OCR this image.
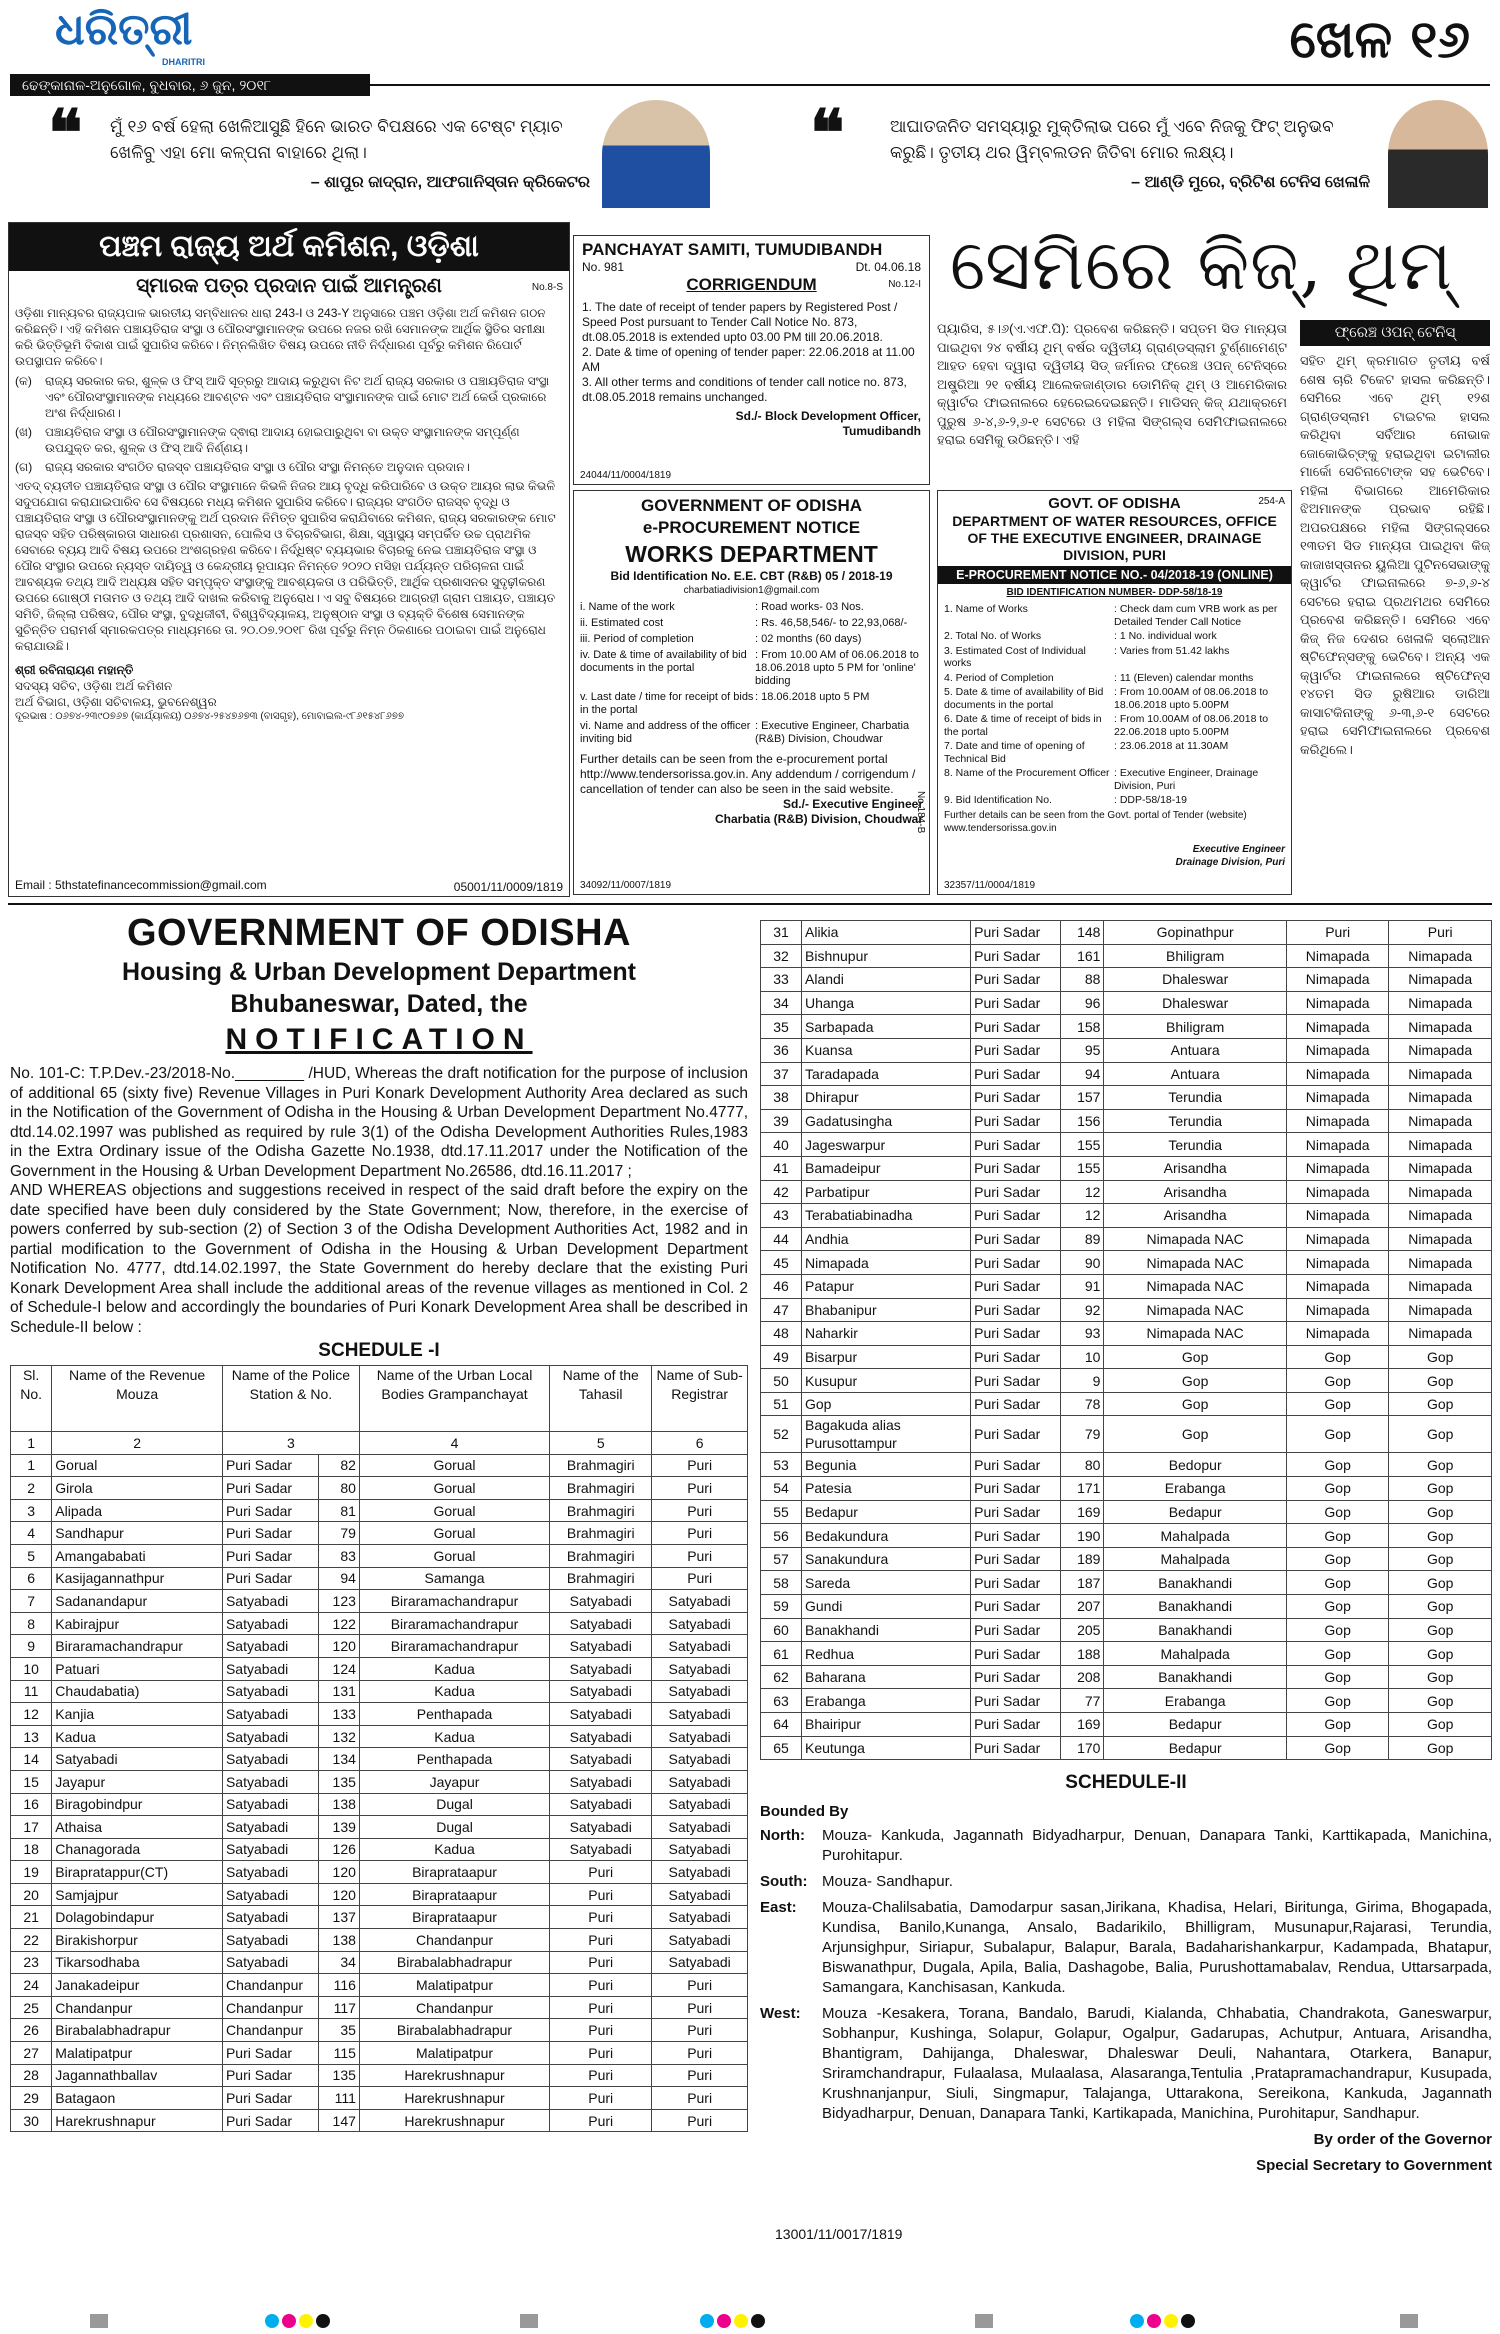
ଧରିତ୍ରୀ
DHARITRI
ଢେଙ୍କାନାଳ-ଅନୁଗୋଳ, ବୁଧବାର, ୬ ଜୁନ, ୨୦୧୮
ଖେଳ ୧୬
❝ ମୁଁ ୧୬ ବର୍ଷ ହେଲା ଖେଳିଆସୁଛି ହିନେ ଭାରତ ବିପକ୍ଷରେ ଏକ ଟେଷ୍ଟ ମ୍ୟାଚ ଖେଳିବୁ ଏହା ମୋ କଳ୍ପନା ବାହାରେ ଥିଲା।
– ଶାପୁର ଜାଦ୍ରାନ, ଆଫଗାନିସ୍ତାନ କ୍ରିକେଟର
❝	ଆଘାତଜନିତ ସମସ୍ୟାରୁ ମୁକ୍ତିଲାଭ ପରେ ମୁଁ ଏବେ ନିଜକୁ ଫିଟ୍ ଅନୁଭବ କରୁଛି। ତୃତୀୟ ଥର ୱିମ୍ବଲଡନ ଜିତିବା ମୋର ଲକ୍ଷ୍ୟ।
– ଆଣ୍ଡି ମୁରେ, ବ୍ରିଟିଶ ଟେନିସ ଖେଳାଳି
ପଞ୍ଚମ ରାଜ୍ୟ ଅର୍ଥ କମିଶନ, ଓଡ଼ିଶା
ସ୍ମାରକ ପତ୍ର ପ୍ରଦାନ ପାଇଁ ଆମନ୍ତ୍ରଣ	No.8-S
ଓଡ଼ିଶା ମାନ୍ୟବର ରାଜ୍ୟପାଳ ଭାରତୀୟ ସମ୍ବିଧାନର ଧାରା 243-I ଓ 243-Y ଅନୁସାରେ ପଞ୍ଚମ ଓଡ଼ିଶା ଅର୍ଥ କମିଶନ ଗଠନ କରିଛନ୍ତି। ଏହି କମିଶନ ପଞ୍ଚାୟତିରାଜ ସଂସ୍ଥା ଓ ପୌରସଂସ୍ଥାମାନଙ୍କ ଉପରେ ନଜର ରଖି ସେମାନଙ୍କ ଆର୍ଥିକ ସ୍ଥିତିର ସମୀକ୍ଷା କରି ଭିତ୍ତିଭୂମି ବିକାଶ ପାଇଁ ସୁପାରିସ କରିବେ। ନିମ୍ନଲିଖିତ ବିଷୟ ଉପରେ ନୀତି ନିର୍ଦ୍ଧାରଣ ପୂର୍ବରୁ କମିଶନ ରିପୋର୍ଟ ଉପସ୍ଥାପନ କରିବେ।
(କ)	ରାଜ୍ୟ ସରକାର କର, ଶୁଳ୍କ ଓ ଫିସ୍ ଆଦି ସୂତ୍ରରୁ ଆଦାୟ କରୁଥିବା ନିଟ ଅର୍ଥ ରାଜ୍ୟ ସରକାର ଓ ପଞ୍ଚାୟତିରାଜ ସଂସ୍ଥା ଏବଂ ପୌରସଂସ୍ଥାମାନଙ୍କ ମଧ୍ୟରେ ଆବଣ୍ଟନ ଏବଂ ପଞ୍ଚାୟତିରାଜ ସଂସ୍ଥାମାନଙ୍କ ପାଇଁ ମୋଟ ଅର୍ଥ କେଉଁ ପ୍ରକାରେ ଅଂଶ ନିର୍ଦ୍ଧାରଣ।
(ଖ)	ପଞ୍ଚାୟତିରାଜ ସଂସ୍ଥା ଓ ପୌରସଂସ୍ଥାମାନଙ୍କ ଦ୍ଵାରା ଆଦାୟ ହୋଇପାରୁଥିବା ବା ଉକ୍ତ ସଂସ୍ଥାମାନଙ୍କ ସମ୍ପୂର୍ଣ୍ଣ ଉପଯୁକ୍ତ କର, ଶୁଳ୍କ ଓ ଫିସ୍ ଆଦି ନିର୍ଣ୍ଣୟ।
(ଗ)	ରାଜ୍ୟ ସରକାର ସଂଗଠିତ ରାଜସ୍ବ ପଞ୍ଚାୟତିରାଜ ସଂସ୍ଥା ଓ ପୌର ସଂସ୍ଥା ନିମନ୍ତେ ଅନୁଦାନ ପ୍ରଦାନ।
ଏତଦ୍ ବ୍ୟତୀତ ପଞ୍ଚାୟତିରାଜ ସଂସ୍ଥା ଓ ପୌର ସଂସ୍ଥାମାନେ କିଭଳି ନିଜର ଆୟ ବୃଦ୍ଧି କରିପାରିବେ ଓ ଉକ୍ତ ଆୟର ଲାଭ କିଭଳି ସଦୁପଯୋଗ କରାଯାଇପାରିବ ସେ ବିଷୟରେ ମଧ୍ୟ କମିଶନ ସୁପାରିସ କରିବେ। ରାଜ୍ୟର ସଂଗଠିତ ରାଜସ୍ବ ବୃଦ୍ଧି ଓ ପଞ୍ଚାୟତିରାଜ ସଂସ୍ଥା ଓ ପୌରସଂସ୍ଥାମାନଙ୍କୁ ଅର୍ଥ ପ୍ରଦାନ ନିମିତ୍ତ ସୁପାରିସ କରାଯିବାରେ କମିଶନ, ରାଜ୍ୟ ସରକାରଙ୍କ ମୋଟ ରାଜସ୍ବ ସହିତ ପରିଷ୍କାରତା ସାଧାରଣ ପ୍ରଶାସନ, ପୋଲିସ ଓ ବିଚାରବିଭାଗ, ଶିକ୍ଷା, ସ୍ୱାସ୍ଥ୍ୟ ସମ୍ପର୍କିତ ଉଚ୍ଚ ପ୍ରାଥମିକ ସେବାରେ ବ୍ୟୟ ଆଦି ବିଷୟ ଉପରେ ଅଂଶଗ୍ରହଣ କରିବେ। ନିର୍ଦ୍ଧିଷ୍ଟ ବ୍ୟୟଭାର ବିଚାରକୁ ନେଇ ପଞ୍ଚାୟତିରାଜ ସଂସ୍ଥା ଓ ପୌର ସଂସ୍ଥାର ଉପରେ ନ୍ୟସ୍ତ ଦାୟିତ୍ୱ ଓ କେନ୍ଦ୍ରୀୟ ରୂପାୟନ ନିମନ୍ତେ ୨୦୨୦ ମସିହା ପର୍ଯ୍ୟନ୍ତ ପରିଚାଳନା ପାଇଁ ଆବଶ୍ୟକ ତଥ୍ୟ ଆଦି ଅଧ୍ୟକ୍ଷ ସହିତ ସମ୍ପୃକ୍ତ ସଂସ୍ଥାଙ୍କୁ ଆବଶ୍ୟକତା ଓ ପରିଭିତ୍ତି, ଆର୍ଥିକ ପ୍ରଶାସନର ସୁଦୃଢ଼ୀକରଣ ଉପରେ ଗୋଷ୍ଠୀ ମତାମତ ଓ ତଥ୍ୟ ଆଦି ଦାଖଲ କରିବାକୁ ଅନୁରୋଧ। ଏ ସବୁ ବିଷୟରେ ଆଗ୍ରହୀ ଗ୍ରାମ ପଞ୍ଚାୟତ, ପଞ୍ଚାୟତ ସମିତି, ଜିଲ୍ଲା ପରିଷଦ, ପୌର ସଂସ୍ଥା, ବୁଦ୍ଧିଜୀବୀ, ବିଶ୍ୱବିଦ୍ୟାଳୟ, ଅନୁଷ୍ଠାନ ସଂସ୍ଥା ଓ ବ୍ୟକ୍ତି ବିଶେଷ ସେମାନଙ୍କ ସୁଚିନ୍ତିତ ପରାମର୍ଶ ସ୍ମାରକପତ୍ର ମାଧ୍ୟମରେ ତା. ୨୦.୦୭.୨୦୧୮ ରିଖ ପୂର୍ବରୁ ନିମ୍ନ ଠିକଣାରେ ପଠାଇବା ପାଇଁ ଅନୁରୋଧ କରାଯାଉଛି।
ଶ୍ରୀ ରବିନାରାୟଣ ମହାନ୍ତି
ସଦସ୍ୟ ସଚିବ, ଓଡ଼ିଶା ଅର୍ଥ କମିଶନ
ଅର୍ଥ ବିଭାଗ, ଓଡ଼ିଶା ସଚିବାଳୟ, ଭୁବନେଶ୍ୱର
ଦୂରଭାଷ : ୦୬୭୪-୨୩୯୦୭୬୭ (କାର୍ଯ୍ୟାଳୟ) ୦୬୭୪-୨୫୪୭୬୭୩ (ବାସଗୃହ), ମୋବାଇଲ-୯୮୬୧୫୪୮୬୭୭
Email : 5thstatefinancecommission@gmail.com	05001/11/0009/1819
PANCHAYAT SAMITI, TUMUDIBANDH
No. 981	Dt. 04.06.18
CORRIGENDUM	No.12-I
1. The date of receipt of tender papers by Registered Post / Speed Post pursuant to Tender Call Notice No. 873, dt.08.05.2018 is extended upto 03.00 PM till 20.06.2018.
2. Date & time of opening of tender paper: 22.06.2018 at 11.00 AM
3. All other terms and conditions of tender call notice no. 873, dt.08.05.2018 remains unchanged.
Sd./- Block Development Officer,
Tumudibandh
24044/11/0004/1819
GOVERNMENT OF ODISHA
e-PROCUREMENT NOTICE
WORKS DEPARTMENT
Bid Identification No. E.E. CBT (R&B) 05 / 2018-19
charbatiadivision1@gmail.com
i. Name of the work	: Road works- 03 Nos.
ii. Estimated cost	: Rs. 46,58,546/- to 22,93,068/-
iii. Period of completion	: 02 months (60 days)
iv. Date & time of availability of bid documents in the portal
: From 10.00 AM of 06.06.2018 to 18.06.2018 upto 5 PM for 'online' bidding
v. Last date / time for receipt of bids in the portal
: 18.06.2018 upto 5 PM
vi. Name and address of the officer inviting bid
: Executive Engineer, Charbatia (R&B) Division, Choudwar
No.184-B
Further details can be seen from the e-procurement portal http://www.tendersorissa.gov.in. Any addendum / corrigendum / cancellation of tender can also be seen in the said website.
Sd./- Executive Engineer
Charbatia (R&B) Division, Choudwar
34092/11/0007/1819
ସେମିରେ କିଜ୍, ଥିମ୍
ଫ୍ରେଞ୍ଚ ଓପନ୍ ଟେନିସ୍
ପ୍ୟାରିସ, ୫।୬(ଏ.ଏଫ.ପି): ପ୍ରବେଶ କରିଛନ୍ତି। ସପ୍ତମ ସିଡ ମାନ୍ୟତା ପାଇଥିବା ୨୪ ବର୍ଷୀୟ ଥିମ୍ ବର୍ଷର ଦ୍ୱିତୀୟ ଗ୍ରାଣ୍ଡସ୍ଲାମ ଟୁର୍ଣ୍ଣାମେଣ୍ଟ ଆହତ ହେବା ଦ୍ୱାରା ଦ୍ୱିତୀୟ ସିଡ୍ ଜର୍ମାନର ଫ୍ରେଞ୍ଚ ଓପନ୍ ଟେନିସ୍‌ରେ ଅଷ୍ଟ୍ରିଆ ୨୧ ବର୍ଷୀୟ ଆଲେକଜାଣ୍ଡାର ଡୋମିନିକ୍ ଥିମ୍ ଓ ଆମେରିକାର କ୍ୱାର୍ଟର ଫାଇନାଲରେ ହେରେଇଦେଇଛନ୍ତି। ମାଡିସନ୍ କିଜ୍ ଯଥାକ୍ରମେ ପୁରୁଷ ୬-୪,୬-୨,୬-୧ ସେଟରେ ଓ ମହିଳା ସିଙ୍ଗଲ୍ସ ସେମିଫାଇନାଲରେ ହରାଇ ସେମିକୁ ଉଠିଛନ୍ତି। ଏହି
ସହିତ ଥିମ୍ କ୍ରମାଗତ ତୃତୀୟ ବର୍ଷ ଶେଷ ଚାରି ଟିକେଟ ହାସଲ କରିଛନ୍ତି। ସେମିରେ ଏବେ ଥିମ୍ ୧୨ଶ ଗ୍ରାଣ୍ଡସ୍ଲାମ ଟାଇଟଲ ହାସଲ କରିଥିବା ସର୍ବିଆର ନୋଭାକ ଜୋକୋଭିଚ୍‌ଙ୍କୁ ହରାଇଥିବା ଇଟାଲୀର ମାର୍କୋ ସେଚିନାଟୋଙ୍କ ସହ ଭେଟିବେ। ମହିଳା ବିଭାଗରେ ଆମେରିକାର ଝିଅମାନଙ୍କ ପ୍ରଭାବ ରହିଛି। ଅପରପକ୍ଷରେ ମହିଳା ସିଙ୍ଗଲ୍ସରେ ୧୩ତମ ସିଡ ମାନ୍ୟତା ପାଇଥିବା କିଜ୍ କାଜାଖସ୍ତାନର ୟୁଲିଆ ପୁଟିନସେଭାଙ୍କୁ କ୍ୱାର୍ଟର ଫାଇନାଲରେ ୭-୬,୬-୪ ସେଟରେ ହରାଇ ପ୍ରଥମଥର ସେମିରେ ପ୍ରବେଶ କରିଛନ୍ତି। ସେମିରେ ଏବେ କିଜ୍ ନିଜ ଦେଶର ଖେଳାଳି ସ୍ଲୋଆନ ଷ୍ଟିଫେନ୍‌ସଙ୍କୁ ଭେଟିବେ। ଅନ୍ୟ ଏକ କ୍ୱାର୍ଟର ଫାଇନାଲରେ ଷ୍ଟିଫେନ୍ସ ୧୪ତମ ସିଡ ରୁଷିଆର ଡାରିଆ କାସାଟକିନାଙ୍କୁ ୬-୩,୬-୧ ସେଟରେ ହରାଇ ସେମିଫାଇନାଲରେ ପ୍ରବେଶ କରିଥିଲେ।
GOVT. OF ODISHA	254-A
DEPARTMENT OF WATER RESOURCES, OFFICE OF THE EXECUTIVE ENGINEER, DRAINAGE DIVISION, PURI
E-PROCUREMENT NOTICE NO.- 04/2018-19 (ONLINE)
BID IDENTIFICATION NUMBER- DDP-58/18-19
1. Name of Works	: Check dam cum VRB work as per Detailed Tender Call Notice
2. Total No. of Works	: 1 No. individual work
3. Estimated Cost of Individual works
: Varies from 51.42 lakhs
4. Period of Completion	: 11 (Eleven) calendar months
5. Date & time of availability of Bid documents in the portal
: From 10.00AM of 08.06.2018 to 18.06.2018 upto 5.00PM
6. Date & time of receipt of bids in the portal
: From 10.00AM of 08.06.2018 to 22.06.2018 upto 5.00PM
7. Date and time of opening of Technical Bid
: 23.06.2018 at 11.30AM
8. Name of the Procurement Officer : Executive Engineer, Drainage Division, Puri
9. Bid Identification No.	: DDP-58/18-19
Further details can be seen from the Govt. portal of Tender (website) www.tendersorissa.gov.in
Executive Engineer
Drainage Division, Puri
32357/11/0004/1819
GOVERNMENT OF ODISHA
Housing & Urban Development Department
Bhubaneswar, Dated, the
NOTIFICATION
No. 101-C: T.P.Dev.-23/2018-No.________ /HUD, Whereas the draft notification for the purpose of inclusion of additional 65 (sixty five) Revenue Villages in Puri Konark Development Authority Area declared as such in the Notification of the Government of Odisha in the Housing & Urban Development Department No.4777, dtd.14.02.1997 was published as required by rule 3(1) of the Odisha Development Authorities Rules,1983 in the Extra Ordinary issue of the Odisha Gazette No.1938, dtd.17.11.2017 under the Notification of the Government in the Housing & Urban Development Department No.26586, dtd.16.11.2017 ;
AND WHEREAS objections and suggestions received in respect of the said draft before the expiry on the date specified have been duly considered by the State Government; Now, therefore, in the exercise of powers conferred by sub-section (2) of Section 3 of the Odisha Development Authorities Act, 1982 and in partial modification to the Government of Odisha in the Housing & Urban Development Department Notification No. 4777, dtd.14.02.1997, the State Government do hereby declare that the existing Puri Konark Development Area shall include the additional areas of the revenue villages as mentioned in Col. 2 of Schedule-I below and accordingly the boundaries of Puri Konark Development Area shall be described in Schedule-II below :
SCHEDULE -I
Sl. No.	Name of the Revenue Mouza	Name of the Police Station & No.		Name of the Urban Local Bodies Grampanchayat	Name of the Tahasil	Name of Sub-Registrar
1	2	3		4	5	6
1	Gorual	Puri Sadar	82	Gorual	Brahmagiri	Puri
2	Girola	Puri Sadar	80	Gorual	Brahmagiri	Puri
3	Alipada	Puri Sadar	81	Gorual	Brahmagiri	Puri
4	Sandhapur	Puri Sadar	79	Gorual	Brahmagiri	Puri
5	Amangababati	Puri Sadar	83	Gorual	Brahmagiri	Puri
6	Kasijagannathpur	Puri Sadar	94	Samanga	Brahmagiri	Puri
7	Sadanandapur	Satyabadi	123	Biraramachandrapur	Satyabadi	Satyabadi
8	Kabirajpur	Satyabadi	122	Biraramachandrapur	Satyabadi	Satyabadi
9	Biraramachandrapur	Satyabadi	120	Biraramachandrapur	Satyabadi	Satyabadi
10	Patuari	Satyabadi	124	Kadua	Satyabadi	Satyabadi
11	Chaudabatia)	Satyabadi	131	Kadua	Satyabadi	Satyabadi
12	Kanjia	Satyabadi	133	Penthapada	Satyabadi	Satyabadi
13	Kadua	Satyabadi	132	Kadua	Satyabadi	Satyabadi
14	Satyabadi	Satyabadi	134	Penthapada	Satyabadi	Satyabadi
15	Jayapur	Satyabadi	135	Jayapur	Satyabadi	Satyabadi
16	Biragobindpur	Satyabadi	138	Dugal	Satyabadi	Satyabadi
17	Athaisa	Satyabadi	139	Dugal	Satyabadi	Satyabadi
18	Chanagorada	Satyabadi	126	Kadua	Satyabadi	Satyabadi
19	Birapratappur(CT)	Satyabadi	120	Biraprataapur	Puri	Satyabadi
20	Samjajpur	Satyabadi	120	Biraprataapur	Puri	Satyabadi
21	Dolagobindapur	Satyabadi	137	Biraprataapur	Puri	Satyabadi
22	Birakishorpur	Satyabadi	138	Chandanpur	Puri	Satyabadi
23	Tikarsodhaba	Satyabadi	34	Birabalabhadrapur	Puri	Satyabadi
24	Janakadeipur	Chandanpur	116	Malatipatpur	Puri	Puri
25	Chandanpur	Chandanpur	117	Chandanpur	Puri	Puri
26	Birabalabhadrapur	Chandanpur	35	Birabalabhadrapur	Puri	Puri
27	Malatipatpur	Puri Sadar	115	Malatipatpur	Puri	Puri
28	Jagannathballav	Puri Sadar	135	Harekrushnapur	Puri	Puri
29	Batagaon	Puri Sadar	111	Harekrushnapur	Puri	Puri
30	Harekrushnapur	Puri Sadar	147	Harekrushnapur	Puri	Puri
31	Alikia	Puri Sadar	148	Gopinathpur	Puri	Puri
32	Bishnupur	Puri Sadar	161	Bhiligram	Nimapada	Nimapada
33	Alandi	Puri Sadar	88	Dhaleswar	Nimapada	Nimapada
34	Uhanga	Puri Sadar	96	Dhaleswar	Nimapada	Nimapada
35	Sarbapada	Puri Sadar	158	Bhiligram	Nimapada	Nimapada
36	Kuansa	Puri Sadar	95	Antuara	Nimapada	Nimapada
37	Taradapada	Puri Sadar	94	Antuara	Nimapada	Nimapada
38	Dhirapur	Puri Sadar	157	Terundia	Nimapada	Nimapada
39	Gadatusingha	Puri Sadar	156	Terundia	Nimapada	Nimapada
40	Jageswarpur	Puri Sadar	155	Terundia	Nimapada	Nimapada
41	Bamadeipur	Puri Sadar	155	Arisandha	Nimapada	Nimapada
42	Parbatipur	Puri Sadar	12	Arisandha	Nimapada	Nimapada
43	Terabatiabinadha	Puri Sadar	12	Arisandha	Nimapada	Nimapada
44	Andhia	Puri Sadar	89	Nimapada NAC	Nimapada	Nimapada
45	Nimapada	Puri Sadar	90	Nimapada NAC	Nimapada	Nimapada
46	Patapur	Puri Sadar	91	Nimapada NAC	Nimapada	Nimapada
47	Bhabanipur	Puri Sadar	92	Nimapada NAC	Nimapada	Nimapada
48	Naharkir	Puri Sadar	93	Nimapada NAC	Nimapada	Nimapada
49	Bisarpur	Puri Sadar	10	Gop	Gop	Gop
50	Kusupur	Puri Sadar	9	Gop	Gop	Gop
51	Gop	Puri Sadar	78	Gop	Gop	Gop
52	Bagakuda alias Purusottampur	Puri Sadar	79	Gop	Gop	Gop
53	Begunia	Puri Sadar	80	Bedopur	Gop	Gop
54	Patesia	Puri Sadar	171	Erabanga	Gop	Gop
55	Bedapur	Puri Sadar	169	Bedapur	Gop	Gop
56	Bedakundura	Puri Sadar	190	Mahalpada	Gop	Gop
57	Sanakundura	Puri Sadar	189	Mahalpada	Gop	Gop
58	Sareda	Puri Sadar	187	Banakhandi	Gop	Gop
59	Gundi	Puri Sadar	207	Banakhandi	Gop	Gop
60	Banakhandi	Puri Sadar	205	Banakhandi	Gop	Gop
61	Redhua	Puri Sadar	188	Mahalpada	Gop	Gop
62	Baharana	Puri Sadar	208	Banakhandi	Gop	Gop
63	Erabanga	Puri Sadar	77	Erabanga	Gop	Gop
64	Bhairipur	Puri Sadar	169	Bedapur	Gop	Gop
65	Keutunga	Puri Sadar	170	Bedapur	Gop	Gop
SCHEDULE-II
Bounded By
North:	Mouza- Kankuda, Jagannath Bidyadharpur, Denuan, Danapara Tanki, Karttikapada, Manichina, Purohitapur.
South: Mouza- Sandhapur.
East:	Mouza-Chalilsabatia, Damodarpur sasan,Jirikana, Khadisa, Helari, Biritunga, Girima, Bhogapada, Kundisa, Banilo,Kunanga, Ansalo, Badarikilo, Bhilligram, Musunapur,Rajarasi, Terundia, Arjunsighpur, Siriapur, Subalapur, Balapur, Barala, Badaharishankarpur, Kadampada, Bhatapur, Biswanathpur, Dugala, Apila, Balia, Dashagobe, Balia, Purushottamabalav, Rendua, Uttarsarpada, Samangara, Kanchisasan, Kankuda.
West:	Mouza -Kesakera, Torana, Bandalo, Barudi, Kialanda, Chhabatia, Chandrakota, Ganeswarpur, Sobhanpur, Kushinga, Solapur, Golapur, Ogalpur, Gadarupas, Achutpur, Antuara, Arisandha, Bhantigram, Dahijanga, Dhaleswar, Dhaleswar Deuli, Nahantara, Otarkera, Banapur, Sriramchandrapur, Fulaalasa, Mulaalasa, Alasaranga,Tentulia ,Pratapramachandrapur, Kusupada, Krushnanjanpur, Siuli, Singmapur, Talajanga, Uttarakona, Sereikona, Kankuda, Jagannath Bidyadharpur, Denuan, Danapara Tanki, Kartikapada, Manichina, Purohitapur, Sandhapur.
By order of the Governor
Special Secretary to Government
13001/11/0017/1819
